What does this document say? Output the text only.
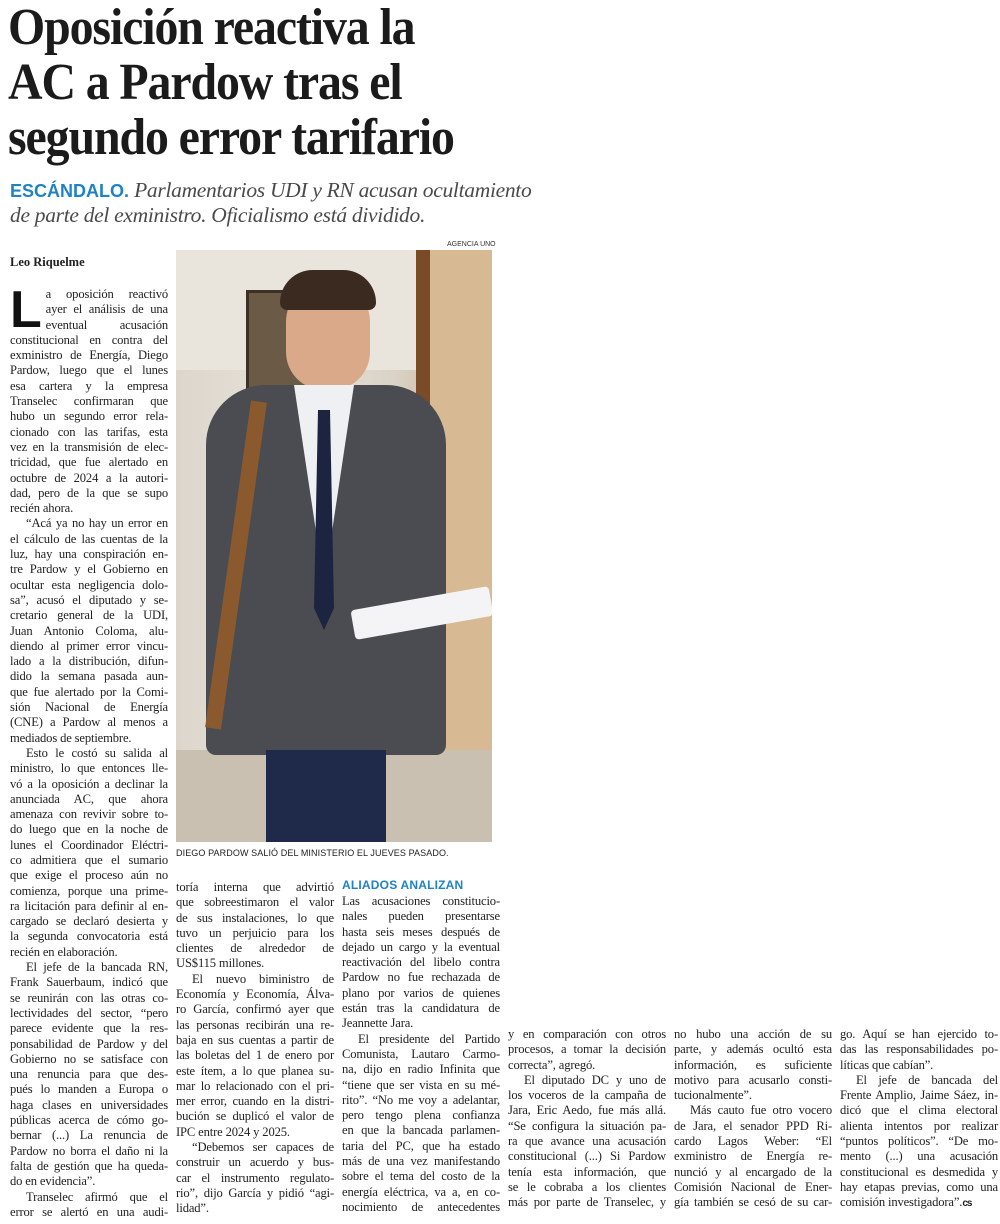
Oposición reactiva la
AC a Pardow tras el
segundo error tarifario
ESCÁNDALO. Parlamentarios UDI y RN acusan ocultamiento
de parte del exministro. Oficialismo está dividido.
Leo Riquelme
AGENCIA UNO
DIEGO PARDOW SALIÓ DEL MINISTERIO EL JUEVES PASADO.
ALIADOS ANALIZAN
L a oposición reactivó
ayer el análisis de una
eventual acusación
constitucional en contra del
exministro de Energía, Diego
Pardow, luego que el lunes
esa cartera y la empresa
Transelec confirmaran que
hubo un segundo error rela-
cionado con las tarifas, esta
vez en la transmisión de elec-
tricidad, que fue alertado en
octubre de 2024 a la autori-
dad, pero de la que se supo
recién ahora.
“Acá ya no hay un error en
el cálculo de las cuentas de la
luz, hay una conspiración en-
tre Pardow y el Gobierno en
ocultar esta negligencia dolo-
sa”, acusó el diputado y se-
cretario general de la UDI,
Juan Antonio Coloma, alu-
diendo al primer error vincu-
lado a la distribución, difun-
dido la semana pasada aun-
que fue alertado por la Comi-
sión Nacional de Energía
(CNE) a Pardow al menos a
mediados de septiembre.
Esto le costó su salida al
ministro, lo que entonces lle-
vó a la oposición a declinar la
anunciada AC, que ahora
amenaza con revivir sobre to-
do luego que en la noche de
lunes el Coordinador Eléctri-
co admitiera que el sumario
que exige el proceso aún no
comienza, porque una prime-
ra licitación para definir al en-
cargado se declaró desierta y
la segunda convocatoria está
recién en elaboración.
El jefe de la bancada RN,
Frank Sauerbaum, indicó que
se reunirán con las otras co-
lectividades del sector, “pero
parece evidente que la res-
ponsabilidad de Pardow y del
Gobierno no se satisface con
una renuncia para que des-
pués lo manden a Europa o
haga clases en universidades
públicas acerca de cómo go-
bernar (...) La renuncia de
Pardow no borra el daño ni la
falta de gestión que ha queda-
do en evidencia”.
Transelec afirmó que el
error se alertó en una audi-
toría interna que advirtió
que sobreestimaron el valor
de sus instalaciones, lo que
tuvo un perjuicio para los
clientes de alrededor de
US$115 millones.
El nuevo biministro de
Economía y Economía, Álva-
ro García, confirmó ayer que
las personas recibirán una re-
baja en sus cuentas a partir de
las boletas del 1 de enero por
este ítem, a lo que planea su-
mar lo relacionado con el pri-
mer error, cuando en la distri-
bución se duplicó el valor de
IPC entre 2024 y 2025.
“Debemos ser capaces de
construir un acuerdo y bus-
car el instrumento regulato-
rio”, dijo García y pidió “agi-
lidad”.
Las acusaciones constitucio-
nales pueden presentarse
hasta seis meses después de
dejado un cargo y la eventual
reactivación del libelo contra
Pardow no fue rechazada de
plano por varios de quienes
están tras la candidatura de
Jeannette Jara.
El presidente del Partido
Comunista, Lautaro Carmo-
na, dijo en radio Infinita que
“tiene que ser vista en su mé-
rito”. “No me voy a adelantar,
pero tengo plena confianza
en que la bancada parlamen-
taria del PC, que ha estado
más de una vez manifestando
sobre el tema del costo de la
energía eléctrica, va a, en co-
nocimiento de antecedentes
y en comparación con otros
procesos, a tomar la decisión
correcta”, agregó.
El diputado DC y uno de
los voceros de la campaña de
Jara, Eric Aedo, fue más allá.
“Se configura la situación pa-
ra que avance una acusación
constitucional (...) Si Pardow
tenía esta información, que
se le cobraba a los clientes
más por parte de Transelec, y
no hubo una acción de su
parte, y además ocultó esta
información, es suficiente
motivo para acusarlo consti-
tucionalmente”.
Más cauto fue otro vocero
de Jara, el senador PPD Ri-
cardo Lagos Weber: “El
exministro de Energía re-
nunció y al encargado de la
Comisión Nacional de Ener-
gía también se cesó de su car-
go. Aquí se han ejercido to-
das las responsabilidades po-
líticas que cabían”.
El jefe de bancada del
Frente Amplio, Jaime Sáez, in-
dicó que el clima electoral
alienta intentos por realizar
“puntos políticos”. “De mo-
mento (...) una acusación
constitucional es desmedida y
hay etapas previas, como una
comisión investigadora”.cs
